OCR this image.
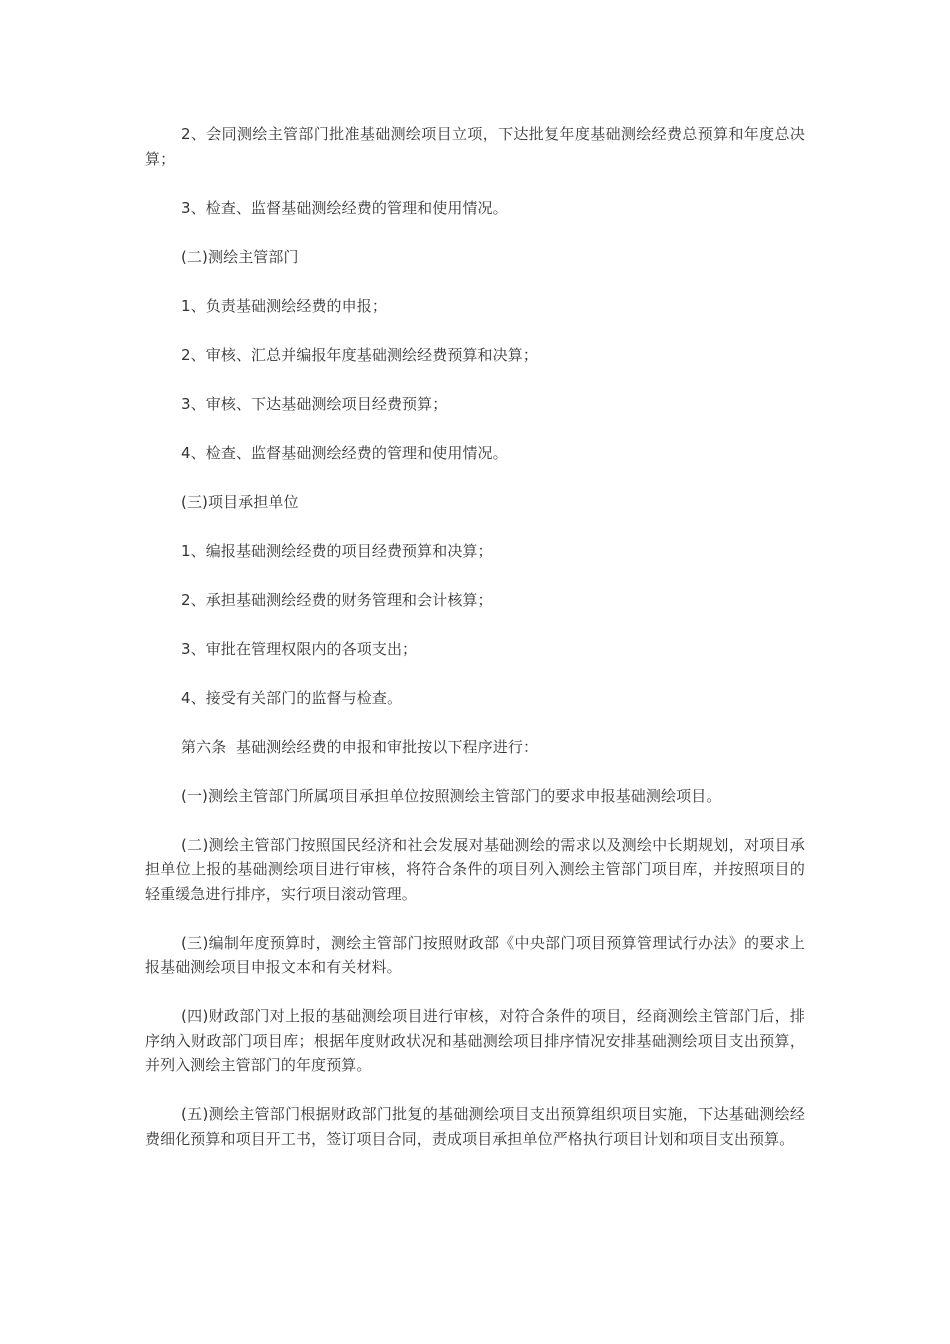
2、会同测绘主管部门批准基础测绘项目立项，下达批复年度基础测绘经费总预算和年度总决算；

3、检查、监督基础测绘经费的管理和使用情况。

(二)测绘主管部门

1、负责基础测绘经费的申报；

2、审核、汇总并编报年度基础测绘经费预算和决算；

3、审核、下达基础测绘项目经费预算；

4、检查、监督基础测绘经费的管理和使用情况。

(三)项目承担单位

1、编报基础测绘经费的项目经费预算和决算；

2、承担基础测绘经费的财务管理和会计核算；

3、审批在管理权限内的各项支出；

4、接受有关部门的监督与检查。

第六条  基础测绘经费的申报和审批按以下程序进行：

(一)测绘主管部门所属项目承担单位按照测绘主管部门的要求申报基础测绘项目。

(二)测绘主管部门按照国民经济和社会发展对基础测绘的需求以及测绘中长期规划，对项目承担单位上报的基础测绘项目进行审核，将符合条件的项目列入测绘主管部门项目库，并按照项目的轻重缓急进行排序，实行项目滚动管理。

(三)编制年度预算时，测绘主管部门按照财政部《中央部门项目预算管理试行办法》的要求上报基础测绘项目申报文本和有关材料。

(四)财政部门对上报的基础测绘项目进行审核，对符合条件的项目，经商测绘主管部门后，排序纳入财政部门项目库；根据年度财政状况和基础测绘项目排序情况安排基础测绘项目支出预算，并列入测绘主管部门的年度预算。

(五)测绘主管部门根据财政部门批复的基础测绘项目支出预算组织项目实施，下达基础测绘经费细化预算和项目开工书，签订项目合同，责成项目承担单位严格执行项目计划和项目支出预算。
